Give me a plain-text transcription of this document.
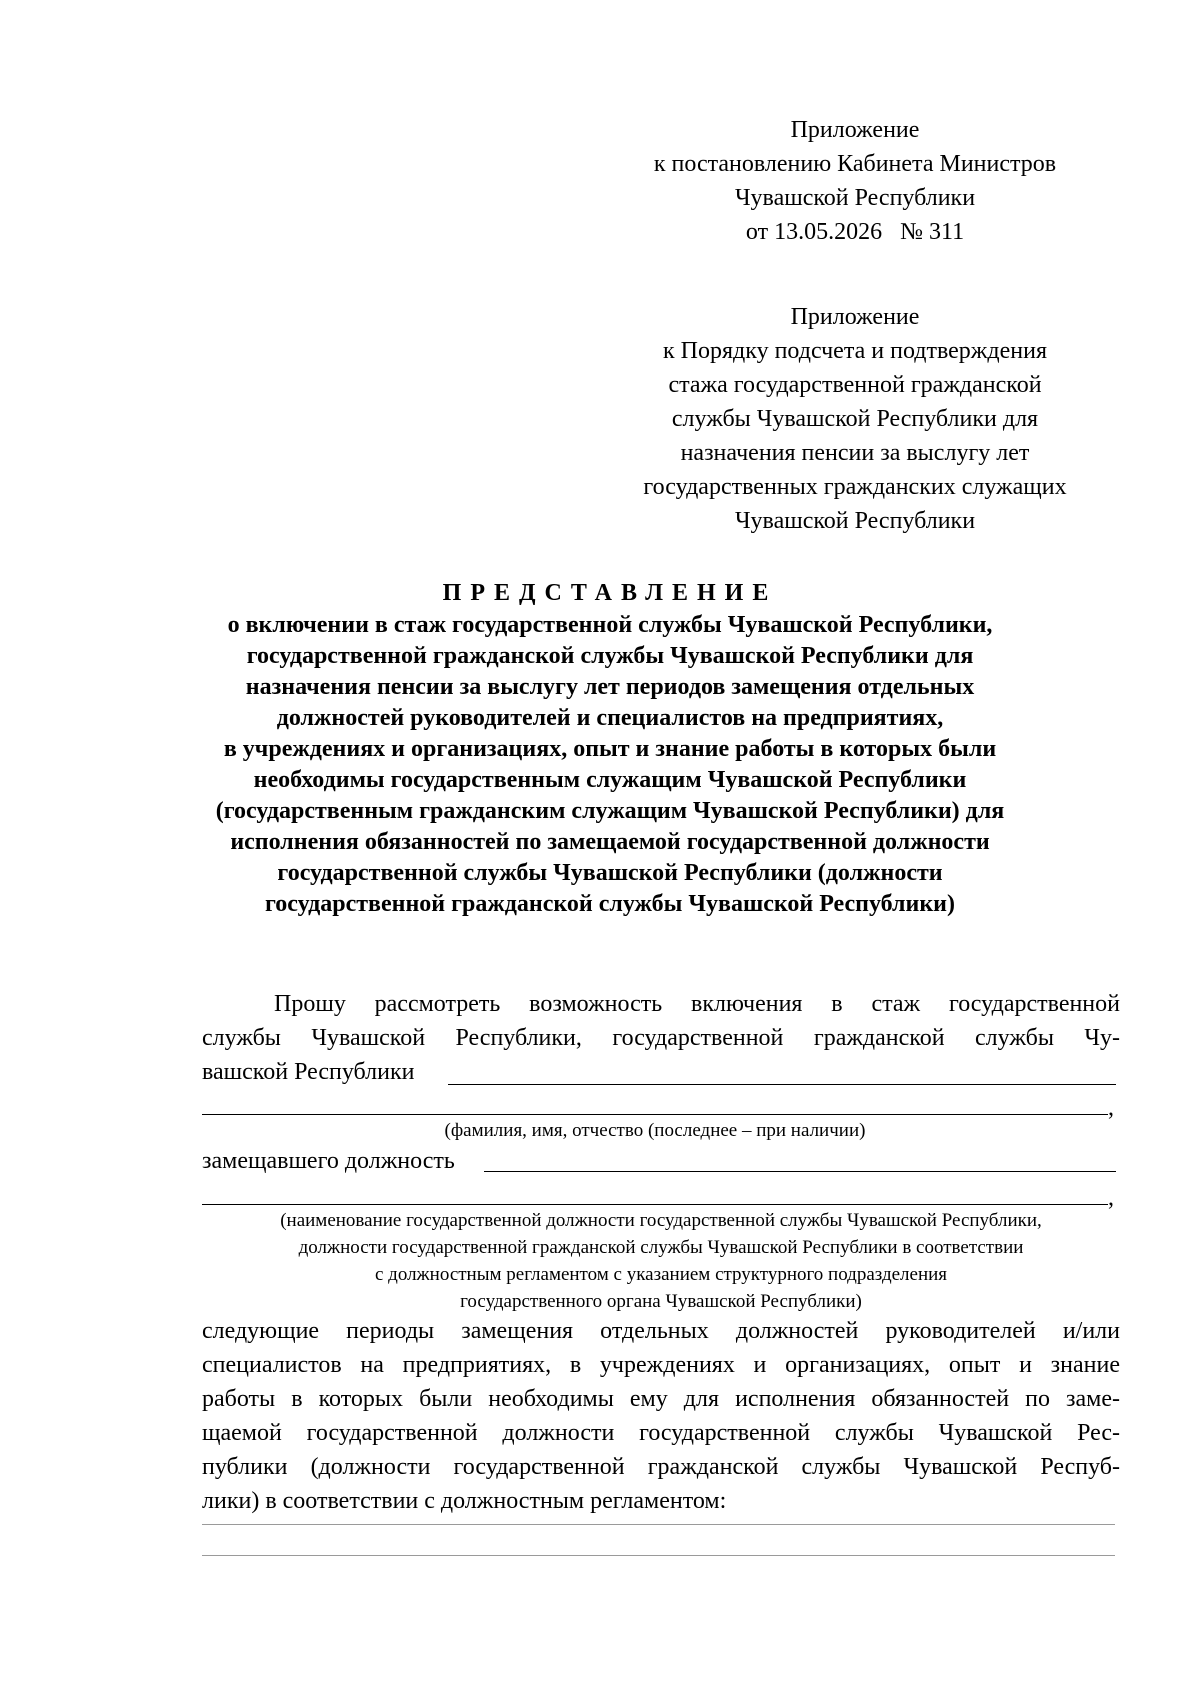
Приложение
к постановлению Кабинета Министров
Чувашской Республики
от 13.05.2026   № 311
Приложение
к Порядку подсчета и подтверждения
стажа государственной гражданской
службы Чувашской Республики для
назначения пенсии за выслугу лет
государственных гражданских служащих
Чувашской Республики
ПРЕДСТАВЛЕНИЕ
о включении в стаж государственной службы Чувашской Республики,
государственной гражданской службы Чувашской Республики для
назначения пенсии за выслугу лет периодов замещения отдельных
должностей руководителей и специалистов на предприятиях,
в учреждениях и организациях, опыт и знание работы в которых были
необходимы государственным служащим Чувашской Республики
(государственным гражданским служащим Чувашской Республики) для
исполнения обязанностей по замещаемой государственной должности
государственной службы Чувашской Республики (должности
государственной гражданской службы Чувашской Республики)
Прошу рассмотреть возможность включения в стаж государственной
службы Чувашской Республики, государственной гражданской службы Чу-
вашской Республики
,
(фамилия, имя, отчество (последнее – при наличии)
замещавшего должность
,
(наименование государственной должности государственной службы Чувашской Республики,
должности государственной гражданской службы Чувашской Республики в соответствии
с должностным регламентом с указанием структурного подразделения
государственного органа Чувашской Республики)
следующие периоды замещения отдельных должностей руководителей и/или
специалистов на предприятиях, в учреждениях и организациях, опыт и знание
работы в которых были необходимы ему для исполнения обязанностей по заме-
щаемой государственной должности государственной службы Чувашской Рес-
публики (должности государственной гражданской службы Чувашской Респуб-
лики) в соответствии с должностным регламентом:
